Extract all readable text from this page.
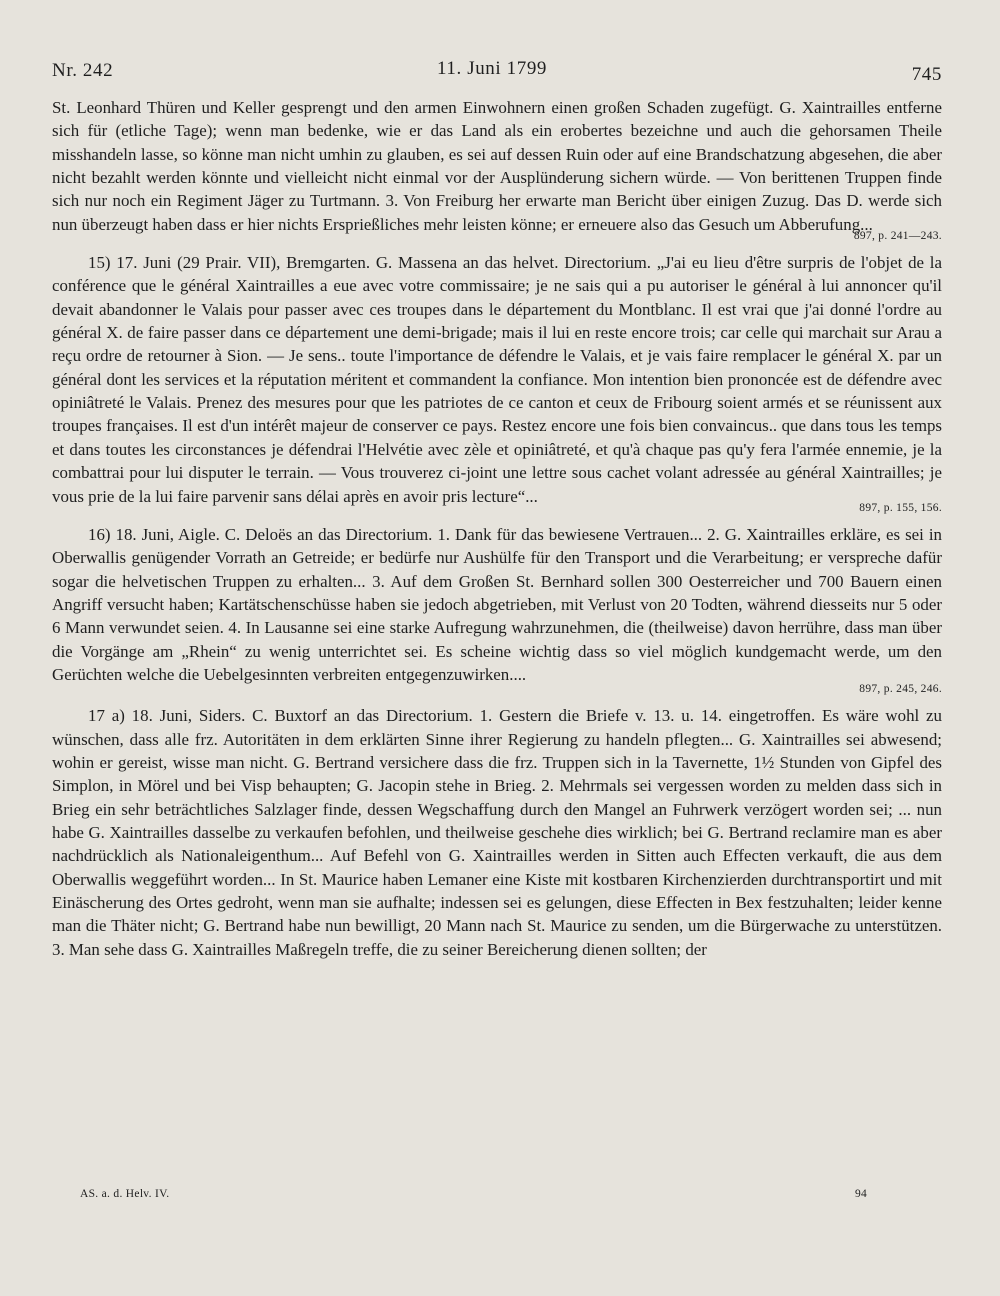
Nr. 242	11. Juni 1799	745

St. Leonhard Thüren und Keller gesprengt und den armen Einwohnern einen großen Schaden zugefügt. G. Xaintrailles entferne sich für (etliche Tage); wenn man bedenke, wie er das Land als ein erobertes bezeichne und auch die gehorsamen Theile misshandeln lasse, so könne man nicht umhin zu glauben, es sei auf dessen Ruin oder auf eine Brandschatzung abgesehen, die aber nicht bezahlt werden könnte und vielleicht nicht einmal vor der Ausplünderung sichern würde. — Von berittenen Truppen finde sich nur noch ein Regiment Jäger zu Turtmann. 3. Von Freiburg her erwarte man Bericht über einigen Zuzug. Das D. werde sich nun überzeugt haben dass er hier nichts Ersprießliches mehr leisten könne; er erneuere also das Gesuch um Abberufung...

897, p. 241—243.

15) 17. Juni (29 Prair. VII), Bremgarten. G. Massena an das helvet. Directorium. „J'ai eu lieu d'être surpris de l'objet de la conférence que le général Xaintrailles a eue avec votre commissaire; je ne sais qui a pu autoriser le général à lui annoncer qu'il devait abandonner le Valais pour passer avec ces troupes dans le département du Montblanc. Il est vrai que j'ai donné l'ordre au général X. de faire passer dans ce département une demi-brigade; mais il lui en reste encore trois; car celle qui marchait sur Arau a reçu ordre de retourner à Sion. — Je sens.. toute l'importance de défendre le Valais, et je vais faire remplacer le général X. par un général dont les services et la réputation méritent et commandent la confiance. Mon intention bien prononcée est de défendre avec opiniâtreté le Valais. Prenez des mesures pour que les patriotes de ce canton et ceux de Fribourg soient armés et se réunissent aux troupes françaises. Il est d'un intérêt majeur de conserver ce pays. Restez encore une fois bien convaincus.. que dans tous les temps et dans toutes les circonstances je défendrai l'Helvétie avec zèle et opiniâtreté, et qu'à chaque pas qu'y fera l'armée ennemie, je la combattrai pour lui disputer le terrain. — Vous trouverez ci-joint une lettre sous cachet volant adressée au général Xaintrailles; je vous prie de la lui faire parvenir sans délai après en avoir pris lecture“...

897, p. 155, 156.

16) 18. Juni, Aigle. C. Deloës an das Directorium. 1. Dank für das bewiesene Vertrauen... 2. G. Xaintrailles erkläre, es sei in Oberwallis genügender Vorrath an Getreide; er bedürfe nur Aushülfe für den Transport und die Verarbeitung; er verspreche dafür sogar die helvetischen Truppen zu erhalten... 3. Auf dem Großen St. Bernhard sollen 300 Oesterreicher und 700 Bauern einen Angriff versucht haben; Kartätschenschüsse haben sie jedoch abgetrieben, mit Verlust von 20 Todten, während diesseits nur 5 oder 6 Mann verwundet seien. 4. In Lausanne sei eine starke Aufregung wahrzunehmen, die (theilweise) davon herrühre, dass man über die Vorgänge am „Rhein“ zu wenig unterrichtet sei. Es scheine wichtig dass so viel möglich kundgemacht werde, um den Gerüchten welche die Uebelgesinnten verbreiten entgegenzuwirken....

897, p. 245, 246.

17 a) 18. Juni, Siders. C. Buxtorf an das Directorium. 1. Gestern die Briefe v. 13. u. 14. eingetroffen. Es wäre wohl zu wünschen, dass alle frz. Autoritäten in dem erklärten Sinne ihrer Regierung zu handeln pflegten... G. Xaintrailles sei abwesend; wohin er gereist, wisse man nicht. G. Bertrand versichere dass die frz. Truppen sich in la Tavernette, 1½ Stunden von Gipfel des Simplon, in Mörel und bei Visp behaupten; G. Jacopin stehe in Brieg. 2. Mehrmals sei vergessen worden zu melden dass sich in Brieg ein sehr beträchtliches Salzlager finde, dessen Wegschaffung durch den Mangel an Fuhrwerk verzögert worden sei; ... nun habe G. Xaintrailles dasselbe zu verkaufen befohlen, und theilweise geschehe dies wirklich; bei G. Bertrand reclamire man es aber nachdrücklich als Nationaleigenthum... Auf Befehl von G. Xaintrailles werden in Sitten auch Effecten verkauft, die aus dem Oberwallis weggeführt worden... In St. Maurice haben Lemaner eine Kiste mit kostbaren Kirchenzierden durchtransportirt und mit Einäscherung des Ortes gedroht, wenn man sie aufhalte; indessen sei es gelungen, diese Effecten in Bex festzuhalten; leider kenne man die Thäter nicht; G. Bertrand habe nun bewilligt, 20 Mann nach St. Maurice zu senden, um die Bürgerwache zu unterstützen. 3. Man sehe dass G. Xaintrailles Maßregeln treffe, die zu seiner Bereicherung dienen sollten; der

AS. a. d. Helv. IV.	94
